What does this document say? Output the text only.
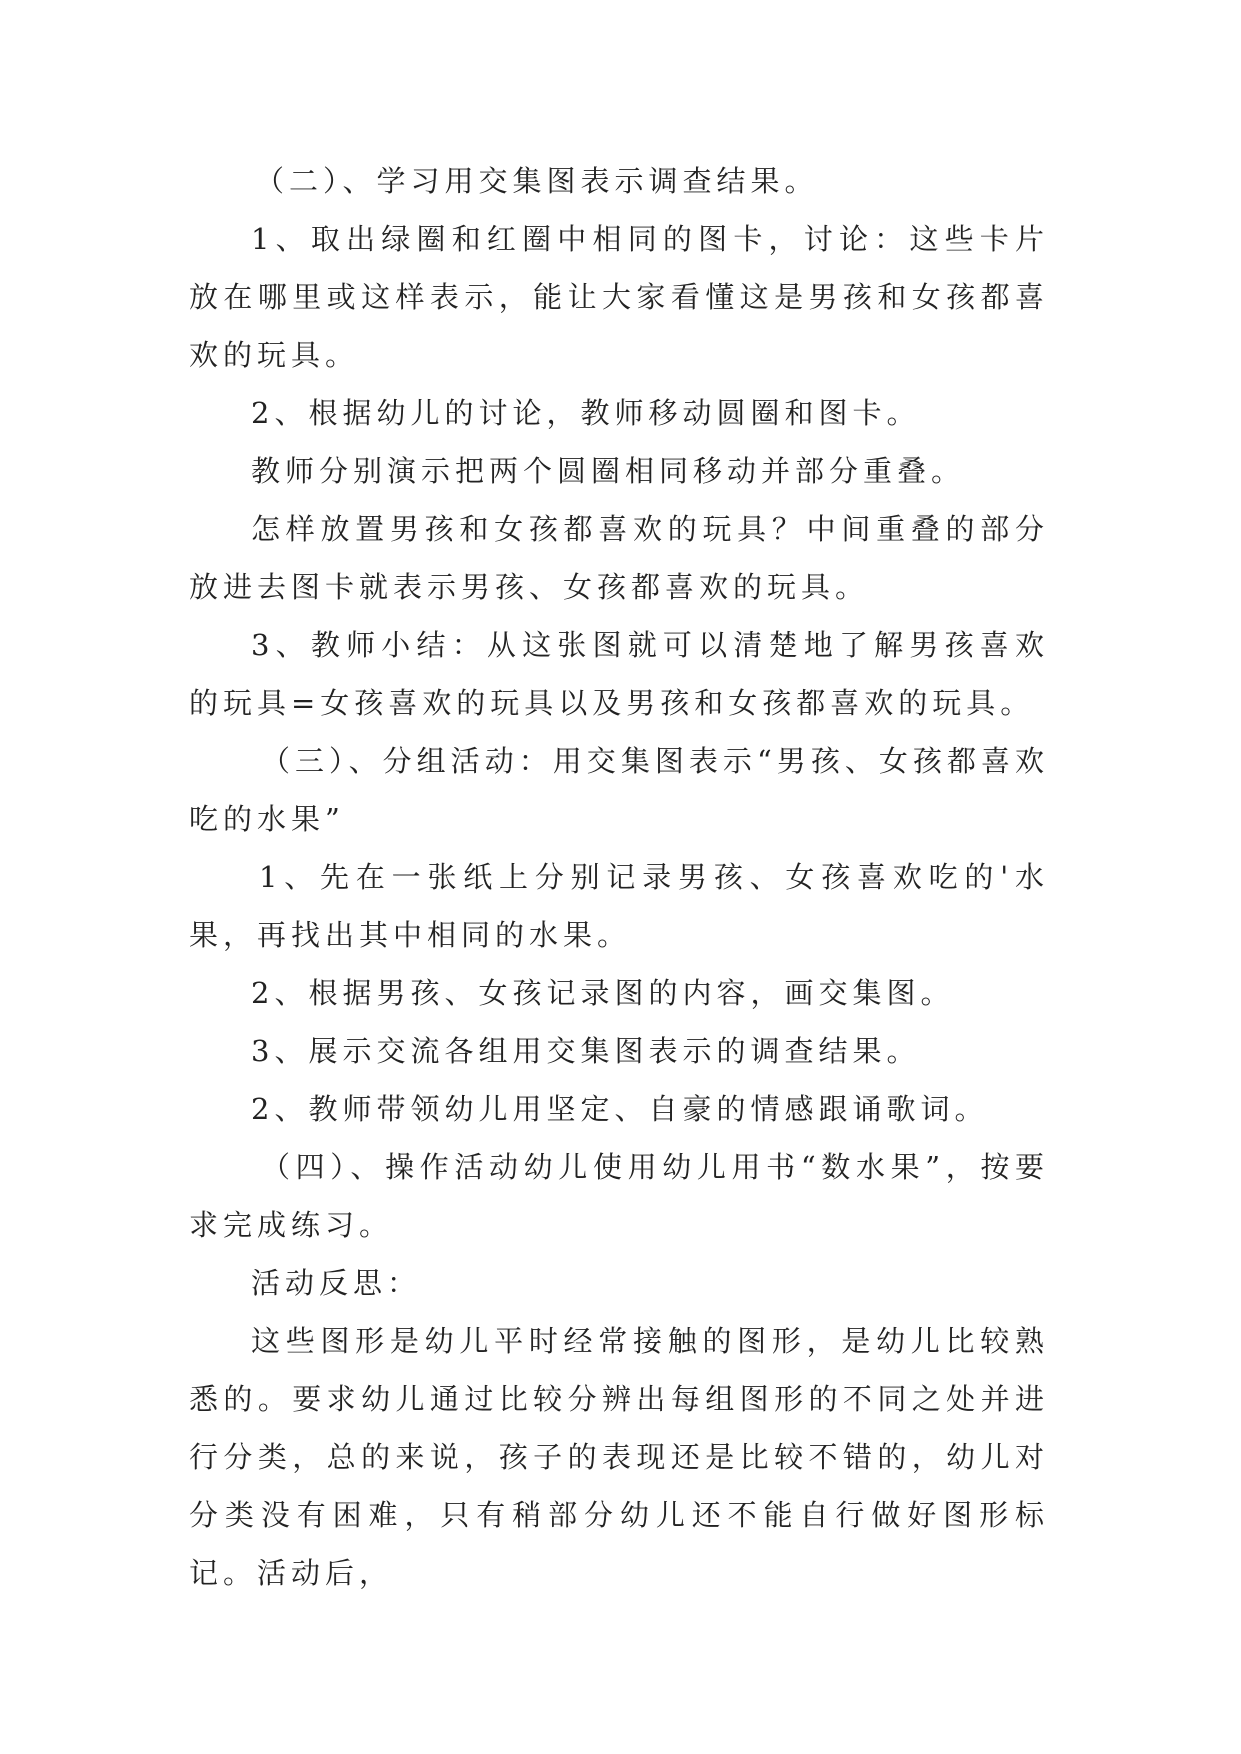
（二）、学习用交集图表示调查结果。

1、取出绿圈和红圈中相同的图卡，讨论：这些卡片放在哪里或这样表示，能让大家看懂这是男孩和女孩都喜欢的玩具。

2、根据幼儿的讨论，教师移动圆圈和图卡。

教师分别演示把两个圆圈相同移动并部分重叠。

怎样放置男孩和女孩都喜欢的玩具？中间重叠的部分放进去图卡就表示男孩、女孩都喜欢的玩具。

3、教师小结：从这张图就可以清楚地了解男孩喜欢的玩具=女孩喜欢的玩具以及男孩和女孩都喜欢的玩具。

（三）、分组活动：用交集图表示“男孩、女孩都喜欢吃的水果”

1、先在一张纸上分别记录男孩、女孩喜欢吃的'水果，再找出其中相同的水果。

2、根据男孩、女孩记录图的内容，画交集图。

3、展示交流各组用交集图表示的调查结果。

2、教师带领幼儿用坚定、自豪的情感跟诵歌词。

（四）、操作活动幼儿使用幼儿用书“数水果”，按要求完成练习。

活动反思：

这些图形是幼儿平时经常接触的图形，是幼儿比较熟悉的。要求幼儿通过比较分辨出每组图形的不同之处并进行分类，总的来说，孩子的表现还是比较不错的，幼儿对分类没有困难，只有稍部分幼儿还不能自行做好图形标记。活动后，
